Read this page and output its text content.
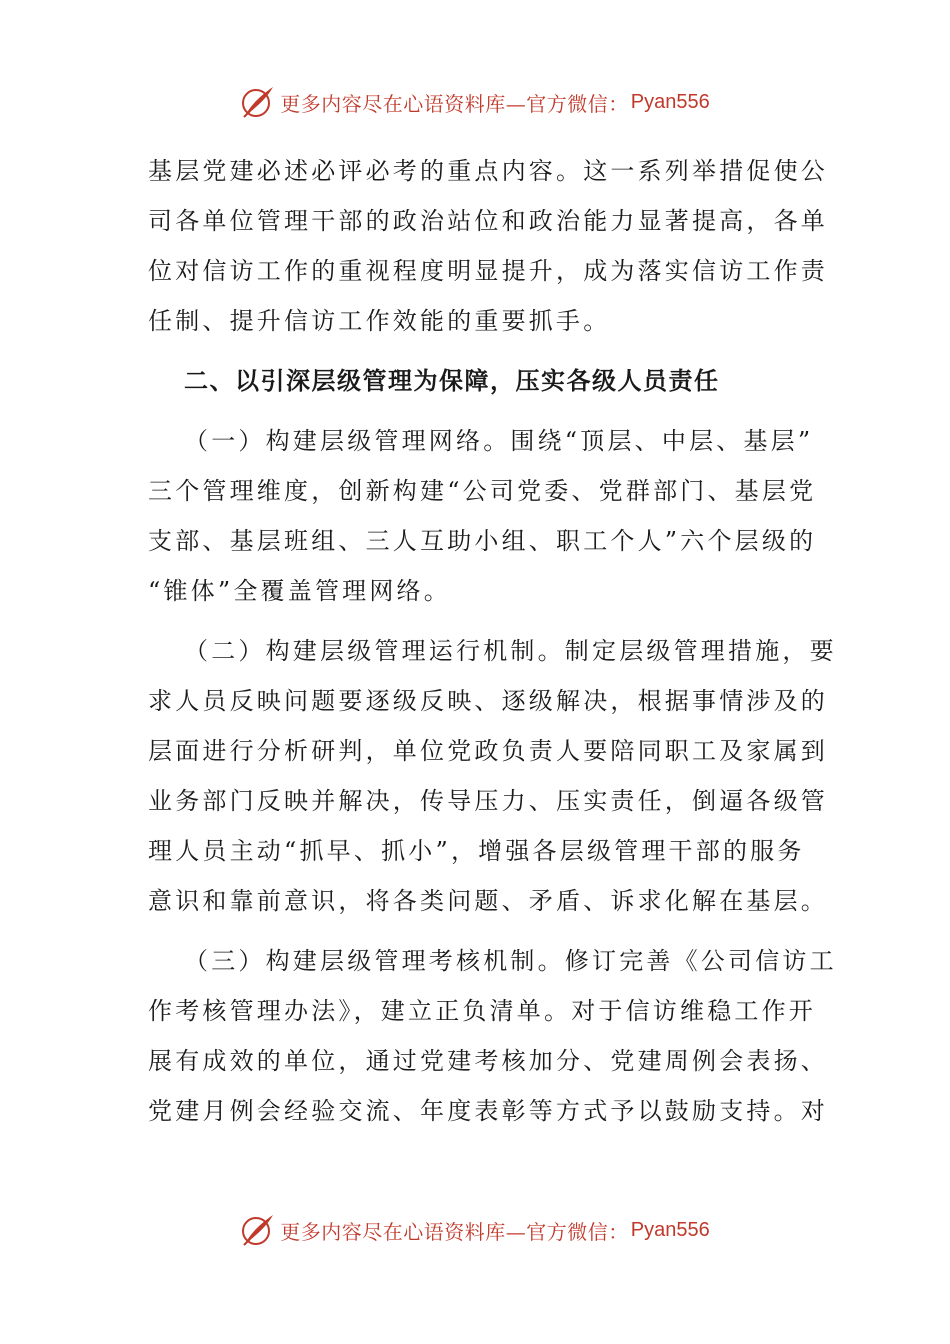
更多内容尽在心语资料库—官方微信： Pyan556
基层党建必述必评必考的重点内容。这一系列举措促使公
司各单位管理干部的政治站位和政治能力显著提高，各单
位对信访工作的重视程度明显提升，成为落实信访工作责
任制、提升信访工作效能的重要抓手。
二、以引深层级管理为保障，压实各级人员责任
（一）构建层级管理网络。围绕“顶层、中层、基层”
三个管理维度，创新构建“公司党委、党群部门、基层党
支部、基层班组、三人互助小组、职工个人”六个层级的
“锥体”全覆盖管理网络。
（二）构建层级管理运行机制。制定层级管理措施，要
求人员反映问题要逐级反映、逐级解决，根据事情涉及的
层面进行分析研判，单位党政负责人要陪同职工及家属到
业务部门反映并解决，传导压力、压实责任，倒逼各级管
理人员主动“抓早、抓小”，增强各层级管理干部的服务
意识和靠前意识，将各类问题、矛盾、诉求化解在基层。
（三）构建层级管理考核机制。修订完善《公司信访工
作考核管理办法》，建立正负清单。对于信访维稳工作开
展有成效的单位，通过党建考核加分、党建周例会表扬、
党建月例会经验交流、年度表彰等方式予以鼓励支持。对
更多内容尽在心语资料库—官方微信： Pyan556
